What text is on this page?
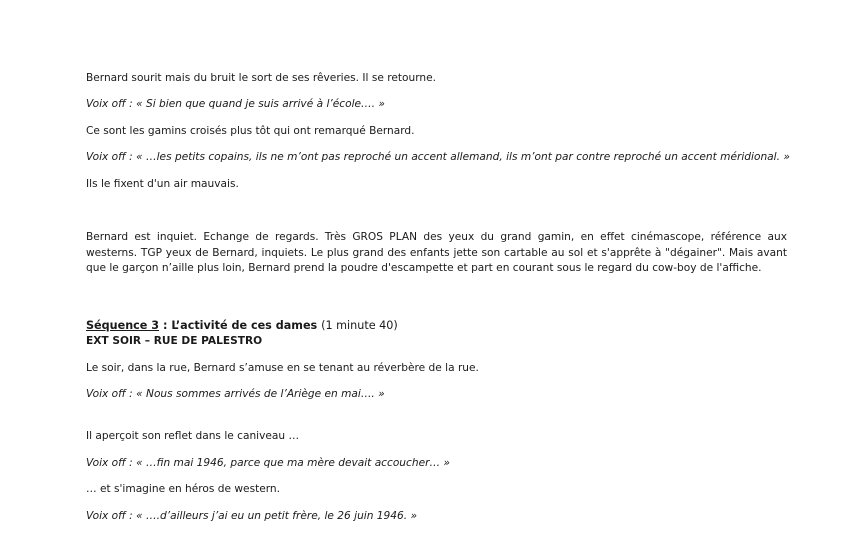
Bernard sourit mais du bruit le sort de ses rêveries. Il se retourne.

Voix off : « Si bien que quand je suis arrivé à l’école…. »

Ce sont les gamins croisés plus tôt qui ont remarqué Bernard.

Voix off : « …les petits copains, ils ne m’ont pas reproché un accent allemand, ils m’ont par contre reproché un accent méridional. »

Ils le fixent d'un air mauvais.

Bernard est inquiet. Echange de regards. Très GROS PLAN des yeux du grand gamin, en effet cinémascope, référence aux westerns. TGP yeux de Bernard, inquiets. Le plus grand des enfants jette son cartable au sol et s'apprête à "dégainer". Mais avant que le garçon n’aille plus loin, Bernard prend la poudre d'escampette et part en courant sous le regard du cow-boy de l'affiche.

Séquence 3 : L’activité de ces dames (1 minute 40)
EXT SOIR – RUE DE PALESTRO

Le soir, dans la rue, Bernard s’amuse en se tenant au réverbère de la rue.

Voix off : « Nous sommes arrivés de l’Ariège en mai…. »

Il aperçoit son reflet dans le caniveau …

Voix off : « …fin mai 1946, parce que ma mère devait accoucher… »

… et s'imagine en héros de western.

Voix off : « ….d’ailleurs j’ai eu un petit frère, le 26 juin 1946. »
